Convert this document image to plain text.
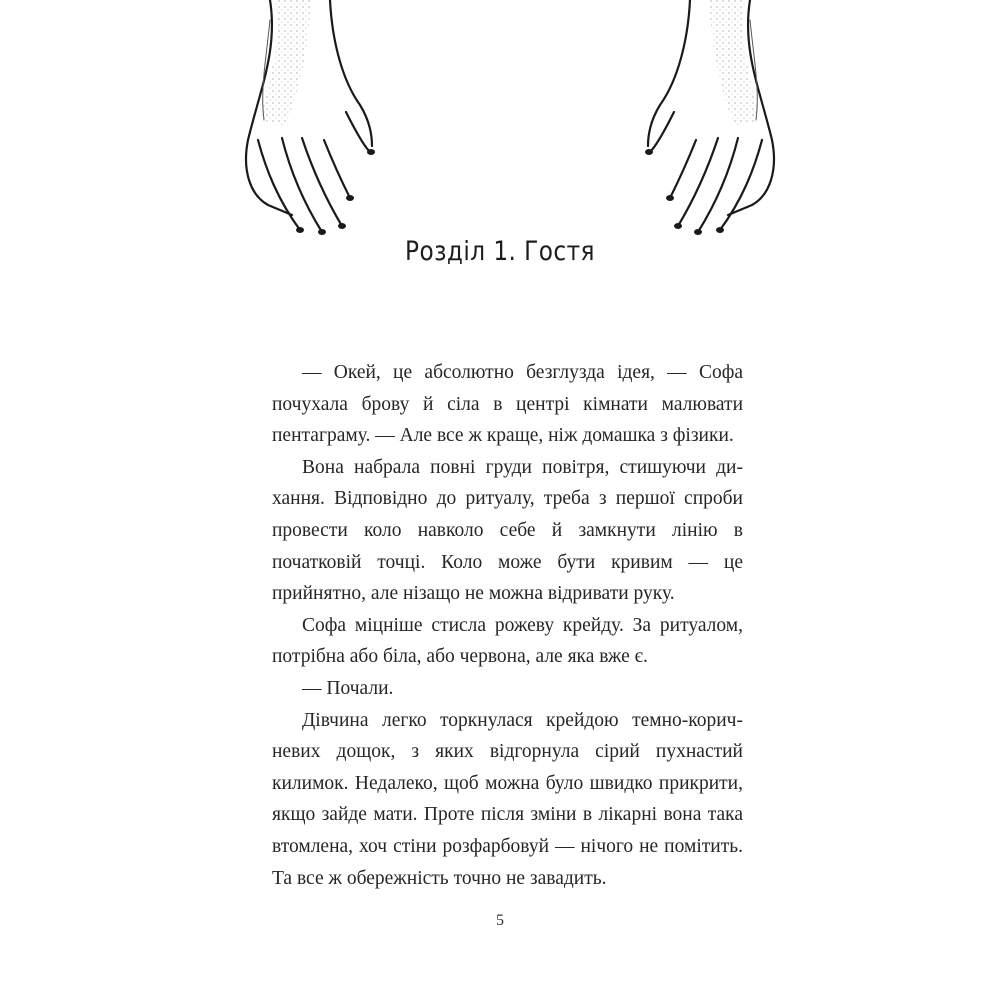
Розділ 1. Гостя

— Окей, це абсолютно безглузда ідея, — Софа почухала брову й сіла в центрі кімнати малювати пентаграму. — Але все ж краще, ніж домашка з фізики.

Вона набрала повні груди повітря, стишуючи дихання. Відповідно до ритуалу, треба з першої спроби провести коло навколо себе й замкнути лінію в початковій точці. Коло може бути кривим — це прийнятно, але нізащо не можна відривати руку.

Софа міцніше стисла рожеву крейду. За ритуалом, потрібна або біла, або червона, але яка вже є.

— Почали.

Дівчина легко торкнулася крейдою темно-коричневих дощок, з яких відгорнула сірий пухнастий килимок. Недалеко, щоб можна було швидко прикрити, якщо зайде мати. Проте після зміни в лікарні вона така втомлена, хоч стіни розфарбовуй — нічого не помітить. Та все ж обережність точно не завадить.

5
